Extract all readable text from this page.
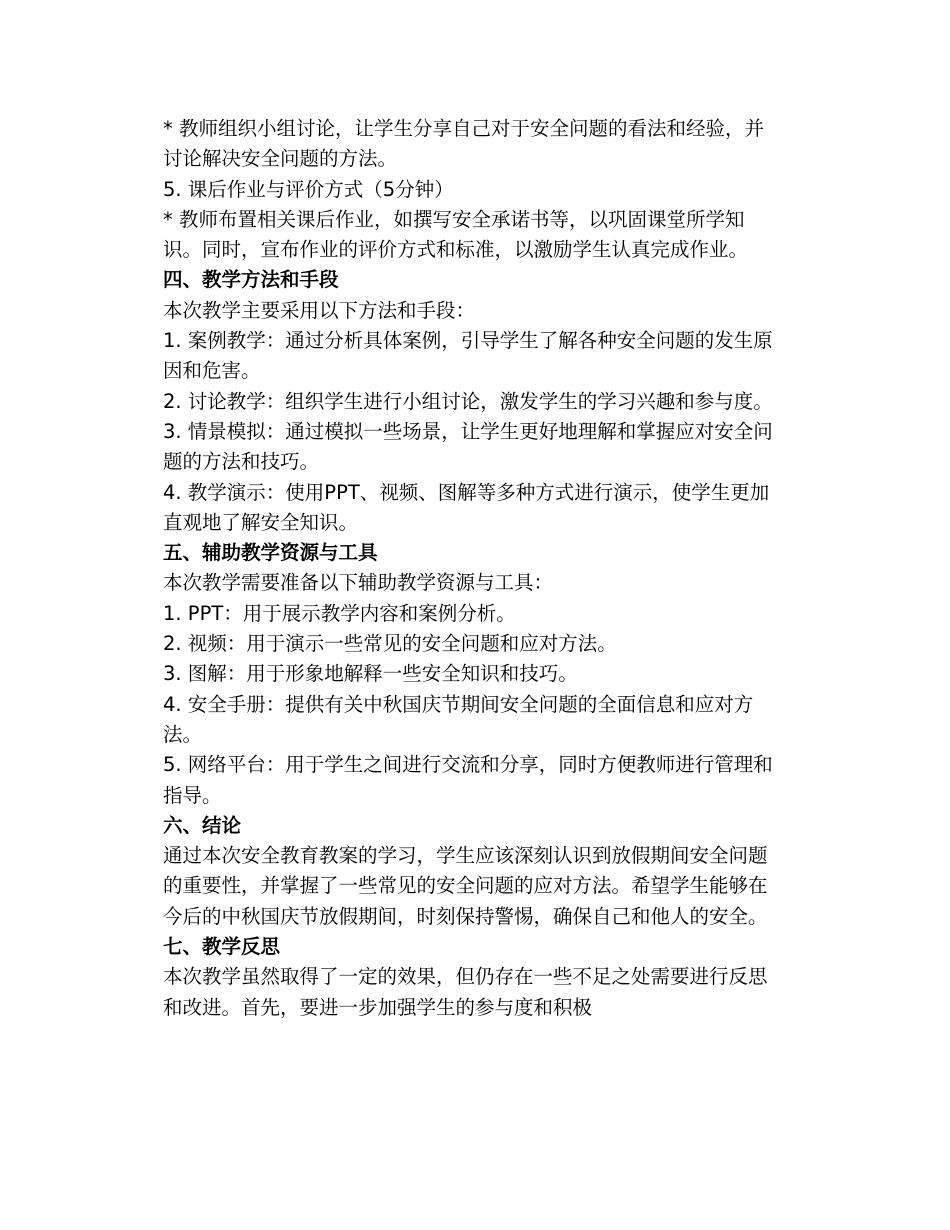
* 教师组织小组讨论，让学生分享自己对于安全问题的看法和经验，并讨论解决安全问题的方法。

5. 课后作业与评价方式（5分钟）

* 教师布置相关课后作业，如撰写安全承诺书等，以巩固课堂所学知识。同时，宣布作业的评价方式和标准，以激励学生认真完成作业。

四、教学方法和手段

本次教学主要采用以下方法和手段：

1. 案例教学：通过分析具体案例，引导学生了解各种安全问题的发生原因和危害。

2. 讨论教学：组织学生进行小组讨论，激发学生的学习兴趣和参与度。

3. 情景模拟：通过模拟一些场景，让学生更好地理解和掌握应对安全问题的方法和技巧。

4. 教学演示：使用PPT、视频、图解等多种方式进行演示，使学生更加直观地了解安全知识。

五、辅助教学资源与工具

本次教学需要准备以下辅助教学资源与工具：

1. PPT：用于展示教学内容和案例分析。

2. 视频：用于演示一些常见的安全问题和应对方法。

3. 图解：用于形象地解释一些安全知识和技巧。

4. 安全手册：提供有关中秋国庆节期间安全问题的全面信息和应对方法。

5. 网络平台：用于学生之间进行交流和分享，同时方便教师进行管理和指导。

六、结论

通过本次安全教育教案的学习，学生应该深刻认识到放假期间安全问题的重要性，并掌握了一些常见的安全问题的应对方法。希望学生能够在今后的中秋国庆节放假期间，时刻保持警惕，确保自己和他人的安全。

七、教学反思

本次教学虽然取得了一定的效果，但仍存在一些不足之处需要进行反思和改进。首先，要进一步加强学生的参与度和积极
